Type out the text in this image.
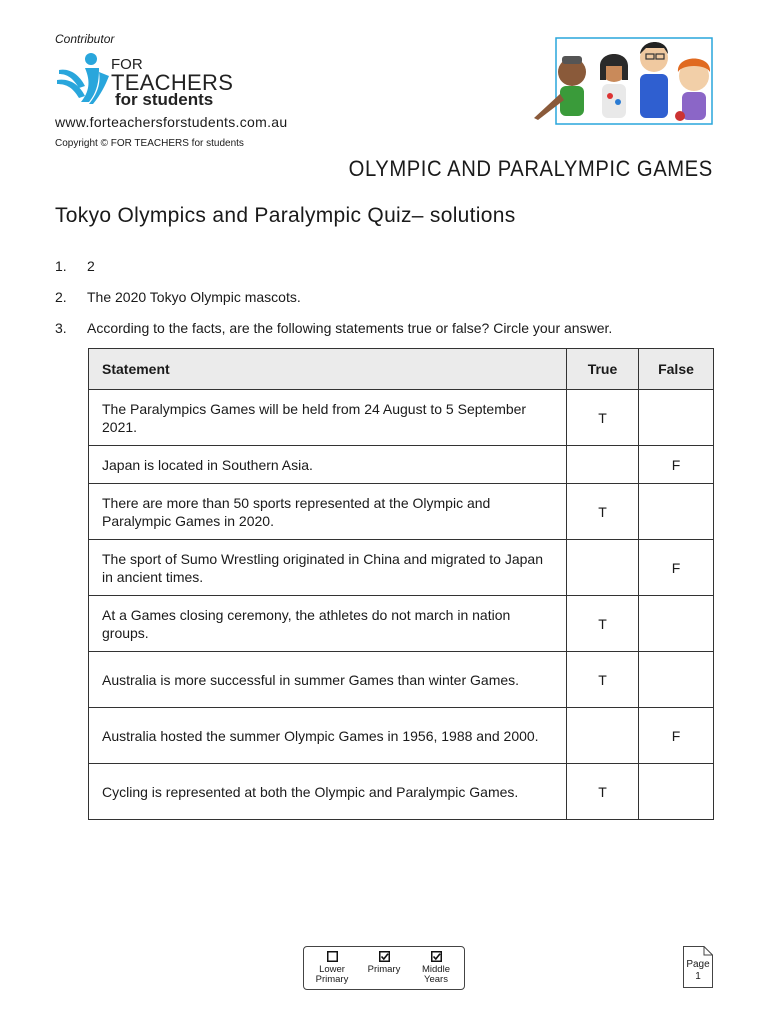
Contributor
FOR
TEACHERS
for students
www.forteachersforstudents.com.au
Copyright © FOR TEACHERS for students
OLYMPIC AND PARALYMPIC GAMES
Tokyo Olympics and Paralympic Quiz– solutions
1.	2
2.	The 2020 Tokyo Olympic mascots.
3.	According to the facts, are the following statements true or false? Circle your answer.
Statement	True	False
The Paralympics Games will be held from 24 August to 5 September 2021.	T	
Japan is located in Southern Asia.		F
There are more than 50 sports represented at the Olympic and Paralympic Games in 2020.	T	
The sport of Sumo Wrestling originated in China and migrated to Japan in ancient times.		F
At a Games closing ceremony, the athletes do not march in nation groups.	T	
Australia is more successful in summer Games than winter Games.	T	
Australia hosted the summer Olympic Games in 1956, 1988 and 2000.		F
Cycling is represented at both the Olympic and Paralympic Games.	T	
Lower Primary
Primary	Middle Years
Page
1
